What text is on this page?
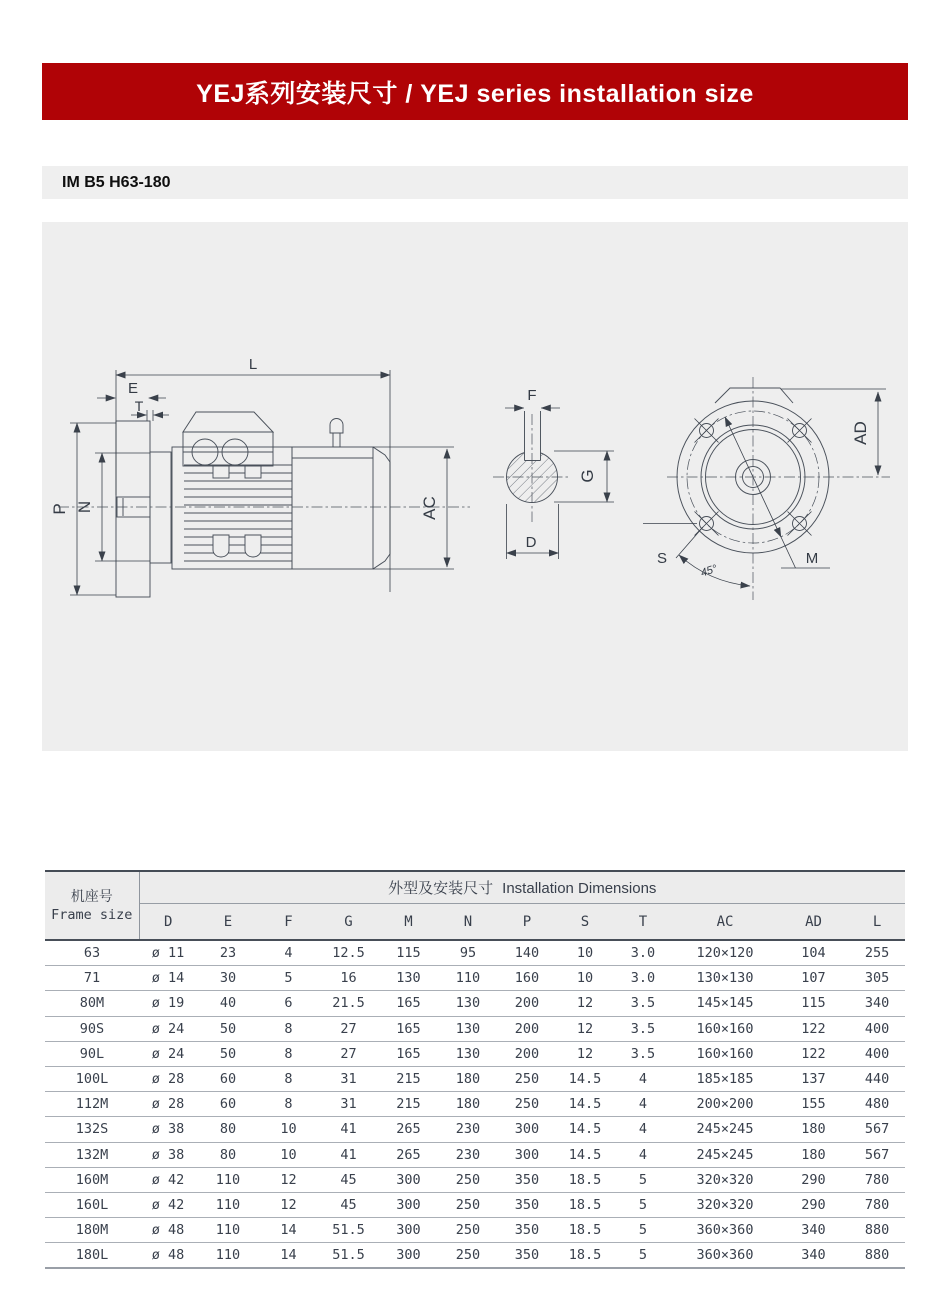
YEJ系列安装尺寸 / YEJ series installation size
IM B5 H63-180
L
E
T
P N	AC
F
G
D
M
S
45°
AD
机座号
Frame size	外型及安装尺寸 Installation Dimensions											
	D	E	F	G	M	N	P	S	T	AC	AD	L
63	ø 11	23	4	12.5	115	95	140	10	3.0	120×120	104	255
71	ø 14	30	5	16	130	110	160	10	3.0	130×130	107	305
80M	ø 19	40	6	21.5	165	130	200	12	3.5	145×145	115	340
90S	ø 24	50	8	27	165	130	200	12	3.5	160×160	122	400
90L	ø 24	50	8	27	165	130	200	12	3.5	160×160	122	400
100L	ø 28	60	8	31	215	180	250	14.5	4	185×185	137	440
112M	ø 28	60	8	31	215	180	250	14.5	4	200×200	155	480
132S	ø 38	80	10	41	265	230	300	14.5	4	245×245	180	567
132M	ø 38	80	10	41	265	230	300	14.5	4	245×245	180	567
160M	ø 42	110	12	45	300	250	350	18.5	5	320×320	290	780
160L	ø 42	110	12	45	300	250	350	18.5	5	320×320	290	780
180M	ø 48	110	14	51.5	300	250	350	18.5	5	360×360	340	880
180L	ø 48	110	14	51.5	300	250	350	18.5	5	360×360	340	880
